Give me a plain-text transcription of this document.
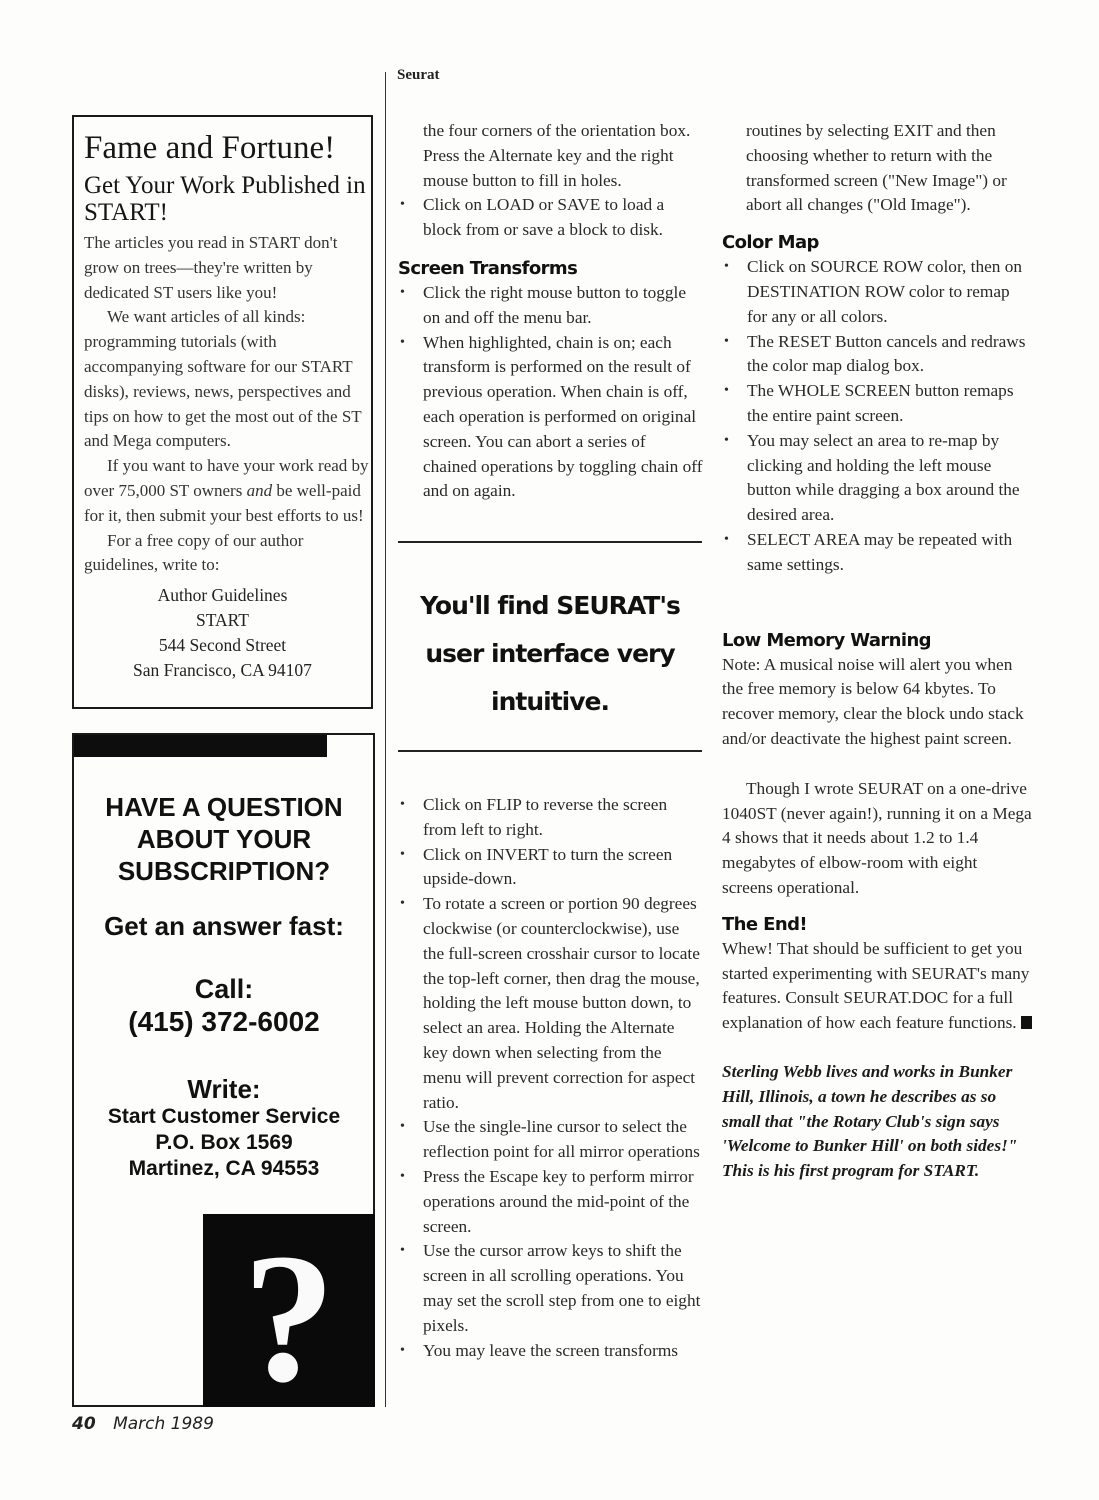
Seurat
Fame and Fortune!
Get Your Work Published in START!

The articles you read in START don't grow on trees—they're written by dedicated ST users like you!

We want articles of all kinds: programming tutorials (with accompanying software for our START disks), reviews, news, perspectives and tips on how to get the most out of the ST and Mega computers.

If you want to have your work read by over 75,000 ST owners and be well-paid for it, then submit your best efforts to us!

For a free copy of our author guidelines, write to:

Author Guidelines
START
544 Second Street
San Francisco, CA 94107
HAVE A QUESTION
ABOUT YOUR
SUBSCRIPTION?
Get an answer fast:
Call:
(415) 372-6002
Write:
Start Customer Service
P.O. Box 1569
Martinez, CA 94553
?
the four corners of the orientation box. Press the Alternate key and the right mouse button to fill in holes.
• Click on LOAD or SAVE to load a block from or save a block to disk.
Screen Transforms
• Click the right mouse button to toggle on and off the menu bar.
• When highlighted, chain is on; each transform is performed on the result of previous operation. When chain is off, each operation is performed on original screen. You can abort a series of chained operations by toggling chain off and on again.
You'll find SEURAT's user interface very intuitive.
• Click on FLIP to reverse the screen from left to right.
• Click on INVERT to turn the screen upside-down.
• To rotate a screen or portion 90 degrees clockwise (or counterclockwise), use the full-screen crosshair cursor to locate the top-left corner, then drag the mouse, holding the left mouse button down, to select an area. Holding the Alternate key down when selecting from the menu will prevent correction for aspect ratio.
• Use the single-line cursor to select the reflection point for all mirror operations
• Press the Escape key to perform mirror operations around the mid-point of the screen.
• Use the cursor arrow keys to shift the screen in all scrolling operations. You may set the scroll step from one to eight pixels.
• You may leave the screen transforms

routines by selecting EXIT and then choosing whether to return with the transformed screen ("New Image") or abort all changes ("Old Image").

Color Map
• Click on SOURCE ROW color, then on DESTINATION ROW color to remap for any or all colors.
• The RESET Button cancels and redraws the color map dialog box.
• The WHOLE SCREEN button remaps the entire paint screen.
• You may select an area to re-map by clicking and holding the left mouse button while dragging a box around the desired area.
• SELECT AREA may be repeated with same settings.
Low Memory Warning

Note: A musical noise will alert you when the free memory is below 64 kbytes. To recover memory, clear the block undo stack and/or deactivate the highest paint screen.

Though I wrote SEURAT on a one-drive 1040ST (never again!), running it on a Mega 4 shows that it needs about 1.2 to 1.4 megabytes of elbow-room with eight screens operational.

The End!

Whew! That should be sufficient to get you started experimenting with SEURAT's many features. Consult SEURAT.DOC for a full explanation of how each feature functions.

Sterling Webb lives and works in Bunker Hill, Illinois, a town he describes as so small that "the Rotary Club's sign says 'Welcome to Bunker Hill' on both sides!" This is his first program for START.

40 March 1989
